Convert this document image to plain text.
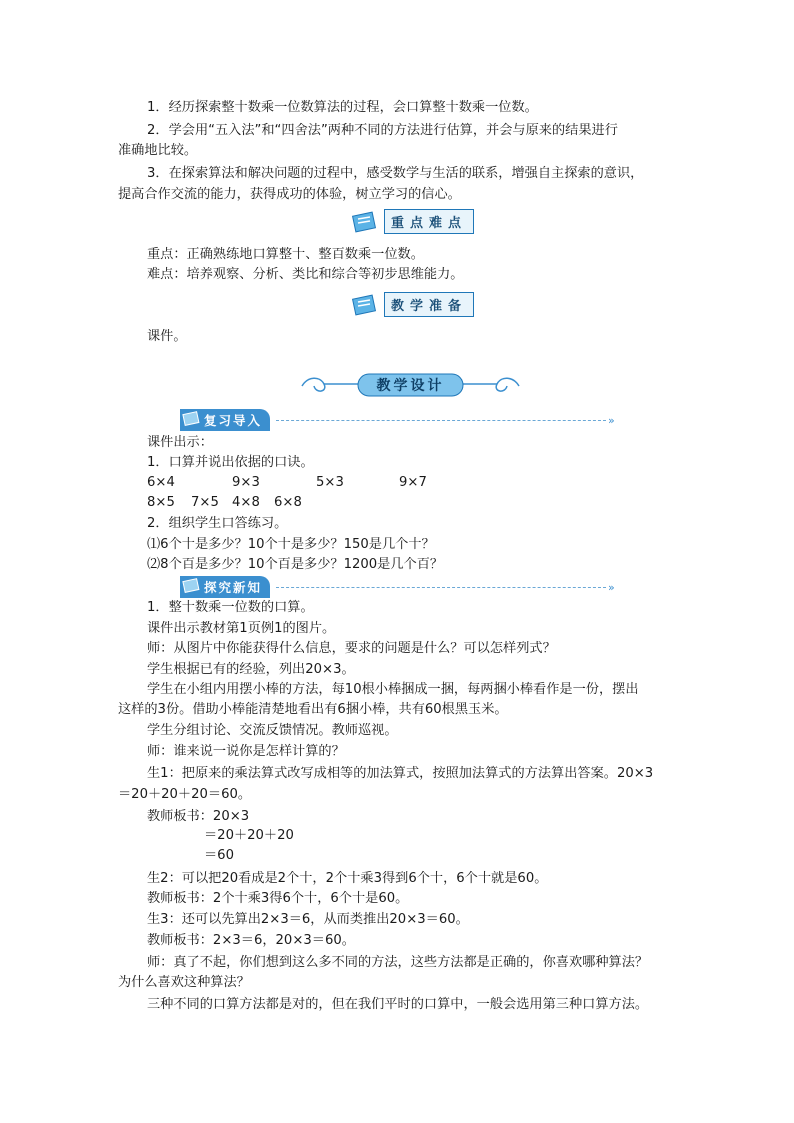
1．经历探索整十数乘一位数算法的过程，会口算整十数乘一位数。
2．学会用“五入法”和“四舍法”两种不同的方法进行估算，并会与原来的结果进行
准确地比较。
3．在探索算法和解决问题的过程中，感受数学与生活的联系，增强自主探索的意识，
提高合作交流的能力，获得成功的体验，树立学习的信心。
重点难点
重点：正确熟练地口算整十、整百数乘一位数。
难点：培养观察、分析、类比和综合等初步思维能力。
教学准备
课件。
教学设计
复习导入	»
课件出示：
1．口算并说出依据的口诀。
6×4	9×3	5×3	9×7
8×5 7×5 4×8 6×8
2．组织学生口答练习。
⑴6个十是多少？10个十是多少？150是几个十？
⑵8个百是多少？10个百是多少？1200是几个百？
探究新知	»
1．整十数乘一位数的口算。
课件出示教材第1页例1的图片。
师：从图片中你能获得什么信息，要求的问题是什么？可以怎样列式？
学生根据已有的经验，列出20×3。
学生在小组内用摆小棒的方法，每10根小棒捆成一捆，每两捆小棒看作是一份，摆出
这样的3份。借助小棒能清楚地看出有6捆小棒，共有60根黑玉米。
学生分组讨论、交流反馈情况。教师巡视。
师：谁来说一说你是怎样计算的？
生1：把原来的乘法算式改写成相等的加法算式，按照加法算式的方法算出答案。20×3
＝20＋20＋20＝60。
教师板书：20×3
＝20＋20＋20
＝60
生2：可以把20看成是2个十，2个十乘3得到6个十，6个十就是60。
教师板书：2个十乘3得6个十，6个十是60。
生3：还可以先算出2×3＝6，从而类推出20×3＝60。
教师板书：2×3＝6，20×3＝60。
师：真了不起，你们想到这么多不同的方法，这些方法都是正确的，你喜欢哪种算法？
为什么喜欢这种算法？
三种不同的口算方法都是对的，但在我们平时的口算中，一般会选用第三种口算方法。
